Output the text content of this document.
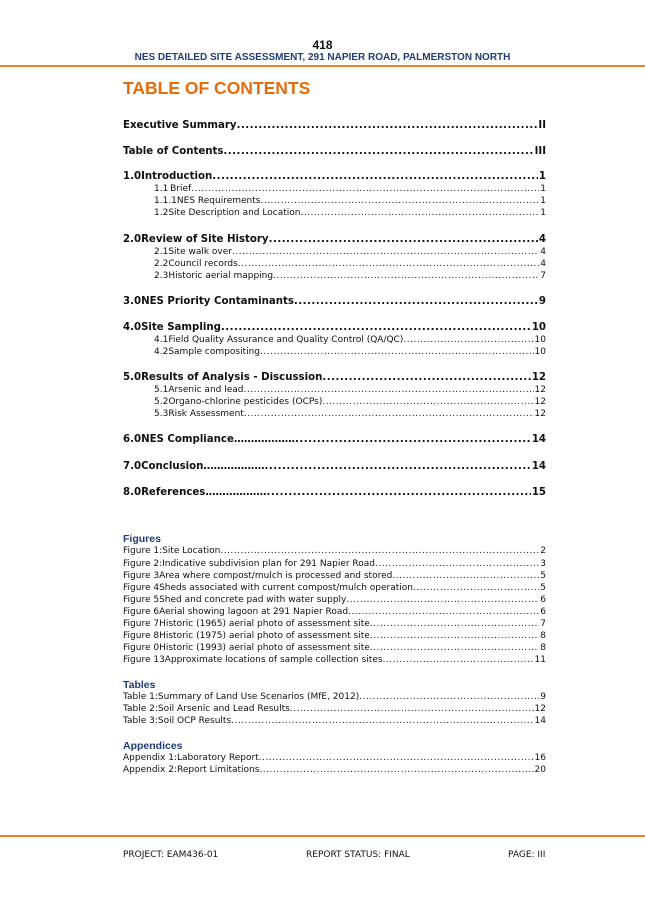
418
NES DETAILED SITE ASSESSMENT, 291 NAPIER ROAD, PALMERSTON NORTH
TABLE OF CONTENTS
Executive Summary .....	II
Table of Contents .....	III
1.0 Introduction .....	1
1.1 Brief .....	1
1.1.1 NES Requirements .....	1
1.2 Site Description and Location .....	1
2.0 Review of Site History .....	4
2.1 Site walk over .....	4
2.2 Council records .....	4
2.3 Historic aerial mapping .....	7
3.0 NES Priority Contaminants .....	9
4.0 Site Sampling .....	10
4.1 Field Quality Assurance and Quality Control (QA/QC) .....	10
4.2 Sample compositing .....	10
5.0 Results of Analysis - Discussion .....	12
5.1 Arsenic and lead .....	12
5.2 Organo-chlorine pesticides (OCPs) .....	12
5.3 Risk Assessment .....	12
6.0 NES Compliance……………… .....	14
7.0 Conclusion……………… .....	14
8.0 References……………… .....	15
Figures
Figure 1: Site Location .....	2
Figure 2: Indicative subdivision plan for 291 Napier Road .....	3
Figure 3 Area where compost/mulch is processed and stored .....	5
Figure 4 Sheds associated with current compost/mulch operation .....	5
Figure 5 Shed and concrete pad with water supply .....	6
Figure 6 Aerial showing lagoon at 291 Napier Road .....	6
Figure 7 Historic (1965) aerial photo of assessment site .....	7
Figure 8 Historic (1975) aerial photo of assessment site .....	8
Figure 0 Historic (1993) aerial photo of assessment site .....	8
Figure 13 Approximate locations of sample collection sites .....	11
Tables
Table 1: Summary of Land Use Scenarios (MfE, 2012) .....	9
Table 2: Soil Arsenic and Lead Results .....	12
Table 3: Soil OCP Results .....	14
Appendices
Appendix 1: Laboratory Report .....	16
Appendix 2: Report Limitations .....	20
PROJECT: EAM436-01	REPORT STATUS: FINAL	PAGE: III
